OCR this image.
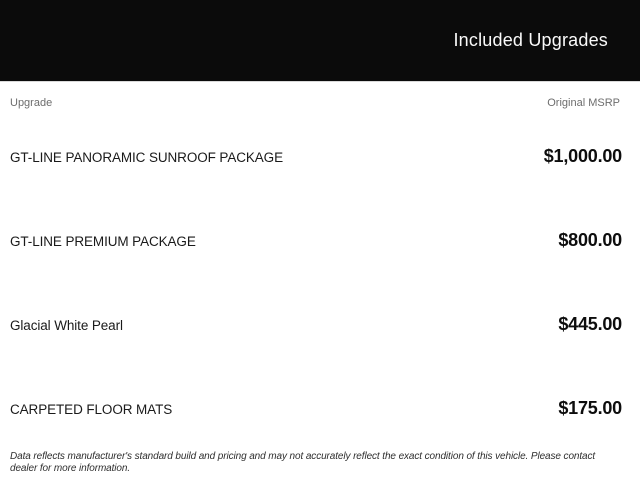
Included Upgrades
Upgrade	Original MSRP
GT-LINE PANORAMIC SUNROOF PACKAGE	$1,000.00
GT-LINE PREMIUM PACKAGE	$800.00
Glacial White Pearl	$445.00
CARPETED FLOOR MATS	$175.00
Data reflects manufacturer's standard build and pricing and may not accurately reflect the exact condition of this vehicle. Please contact dealer for more information.
